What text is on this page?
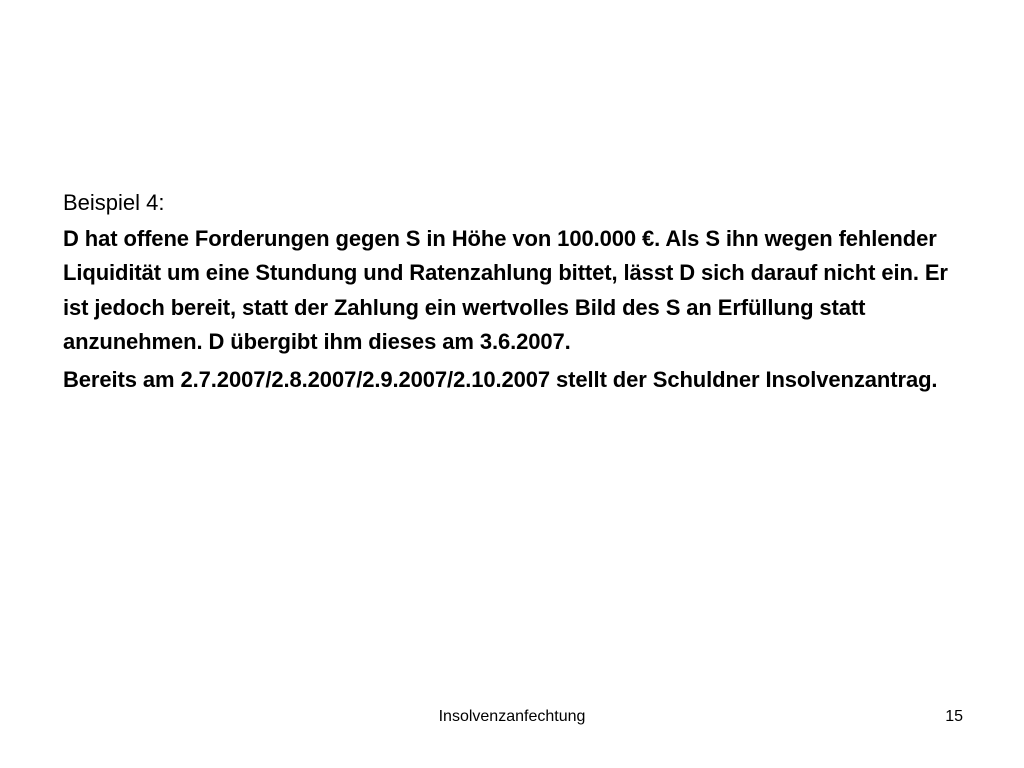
Beispiel 4:
D hat offene Forderungen gegen S in Höhe von 100.000 €. Als S ihn wegen fehlender Liquidität um eine Stundung und Ratenzahlung bittet, lässt D sich darauf nicht ein. Er ist jedoch bereit, statt der Zahlung ein wertvolles Bild des S an Erfüllung statt anzunehmen. D übergibt ihm dieses am 3.6.2007.
Bereits am 2.7.2007/2.8.2007/2.9.2007/2.10.2007 stellt der Schuldner Insolvenzantrag.
Insolvenzanfechtung	15
